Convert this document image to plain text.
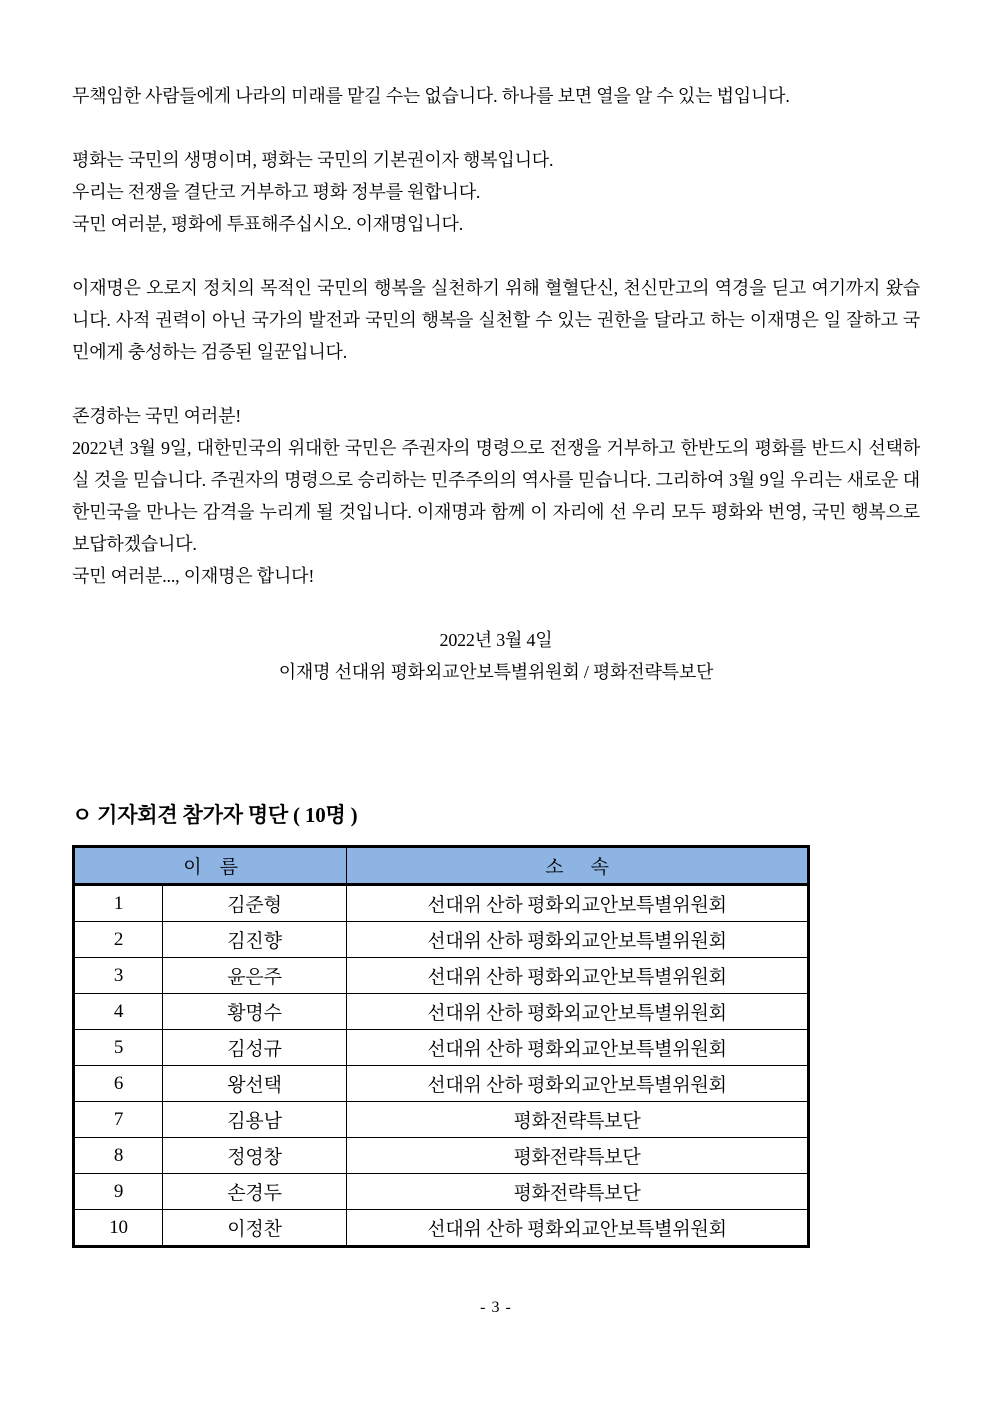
무책임한 사람들에게 나라의 미래를 맡길 수는 없습니다. 하나를 보면 열을 알 수 있는 법입니다.

평화는 국민의 생명이며, 평화는 국민의 기본권이자 행복입니다.

우리는 전쟁을 결단코 거부하고 평화 정부를 원합니다.

국민 여러분, 평화에 투표해주십시오. 이재명입니다.

이재명은 오로지 정치의 목적인 국민의 행복을 실천하기 위해 혈혈단신, 천신만고의 역경을 딛고 여기까지 왔습니다. 사적 권력이 아닌 국가의 발전과 국민의 행복을 실천할 수 있는 권한을 달라고 하는 이재명은 일 잘하고 국민에게 충성하는 검증된 일꾼입니다.

존경하는 국민 여러분!

2022년 3월 9일, 대한민국의 위대한 국민은 주권자의 명령으로 전쟁을 거부하고 한반도의 평화를 반드시 선택하실 것을 믿습니다. 주권자의 명령으로 승리하는 민주주의의 역사를 믿습니다. 그리하여 3월 9일 우리는 새로운 대한민국을 만나는 감격을 누리게 될 것입니다. 이재명과 함께 이 자리에 선 우리 모두 평화와 번영, 국민 행복으로 보답하겠습니다.

국민 여러분..., 이재명은 합니다!

2022년 3월 4일

이재명 선대위 평화외교안보특별위원회 / 평화전략특보단

ㅇ 기자회견 참가자 명단 ( 10명 )
이    름		소      속
1	김준형	선대위 산하 평화외교안보특별위원회
2	김진향	선대위 산하 평화외교안보특별위원회
3	윤은주	선대위 산하 평화외교안보특별위원회
4	황명수	선대위 산하 평화외교안보특별위원회
5	김성규	선대위 산하 평화외교안보특별위원회
6	왕선택	선대위 산하 평화외교안보특별위원회
7	김용남	평화전략특보단
8	정영창	평화전략특보단
9	손경두	평화전략특보단
10	이정찬	선대위 산하 평화외교안보특별위원회
- 3 -
